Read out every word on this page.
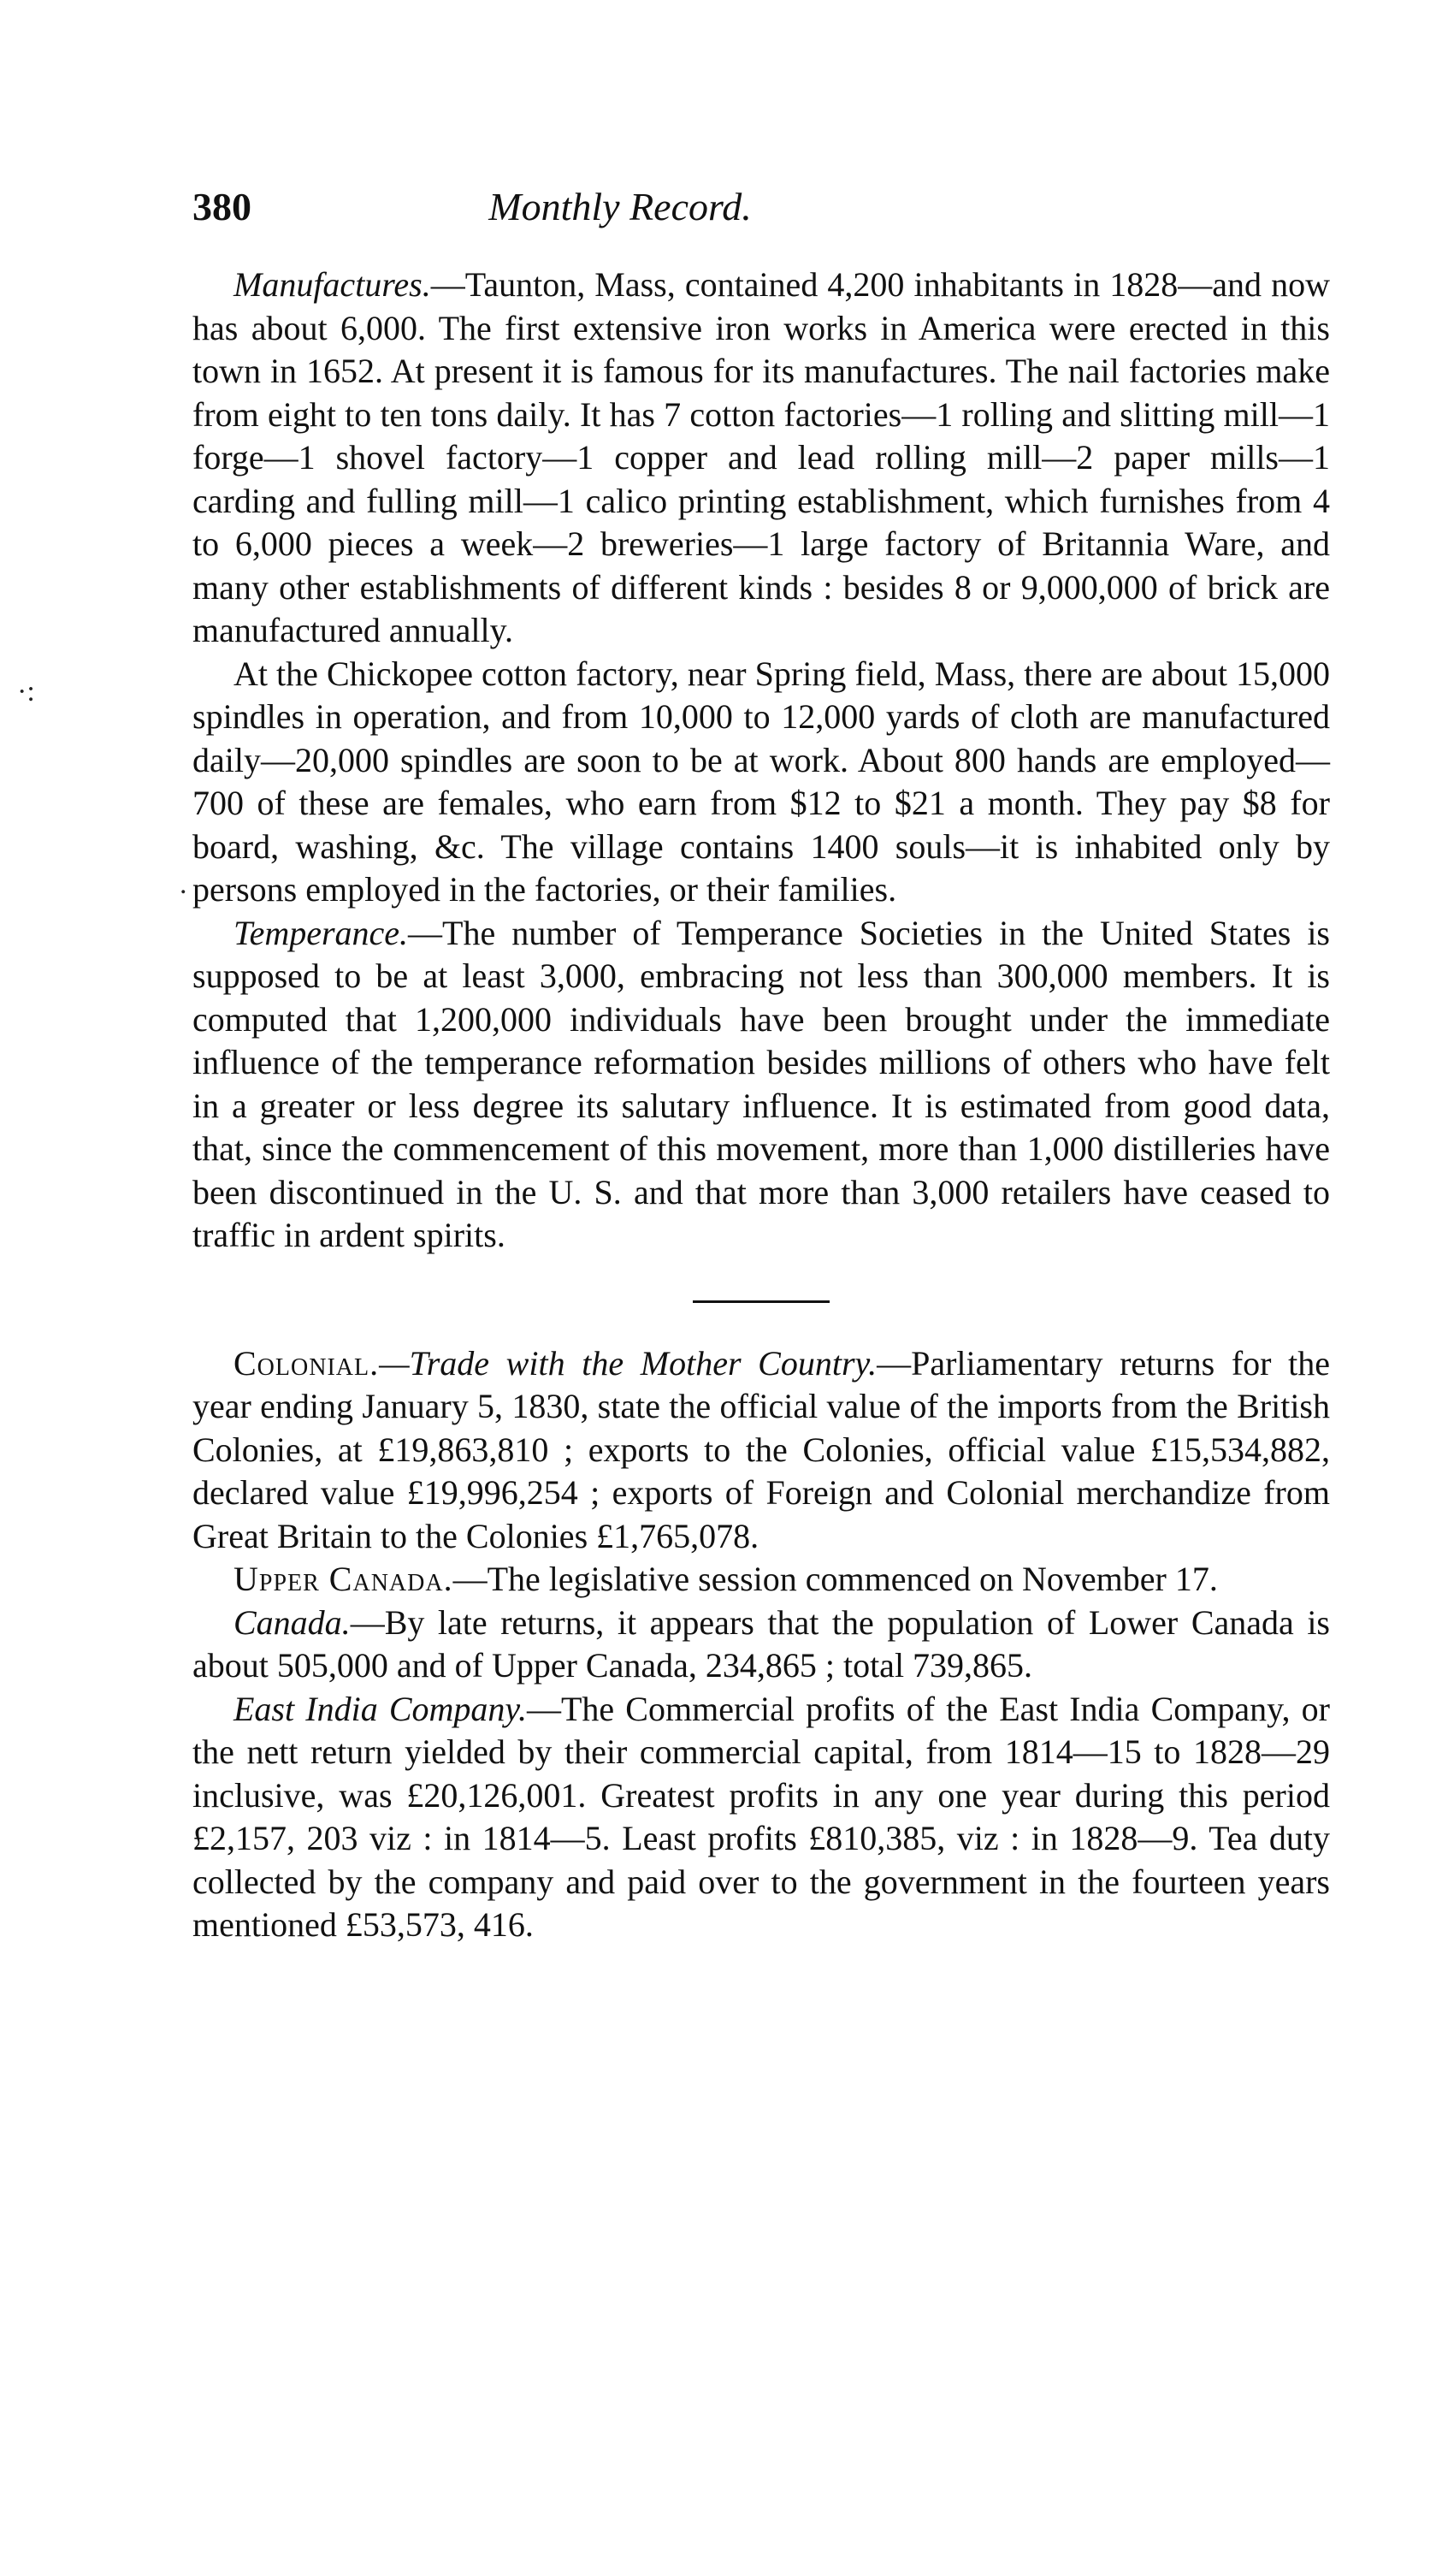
380	Monthly Record.
·:
.

Manufactures.—Taunton, Mass, contained 4,200 inhabitants in 1828—and now has about 6,000. The first extensive iron works in America were erected in this town in 1652. At present it is famous for its manufactures. The nail factories make from eight to ten tons daily. It has 7 cotton factories—1 rolling and slitting mill—1 forge—1 shovel factory—1 copper and lead rolling mill—2 paper mills—1 carding and fulling mill—1 calico printing establishment, which furnishes from 4 to 6,000 pieces a week—2 breweries—1 large factory of Britannia Ware, and many other establishments of different kinds : besides 8 or 9,000,000 of brick are manufactured annually.

At the Chickopee cotton factory, near Spring field, Mass, there are about 15,000 spindles in operation, and from 10,000 to 12,000 yards of cloth are manufactured daily—20,000 spindles are soon to be at work. About 800 hands are employed—700 of these are females, who earn from $12 to $21 a month. They pay $8 for board, washing, &c. The village contains 1400 souls—it is inhabited only by persons employed in the factories, or their families.

Temperance.—The number of Temperance Societies in the United States is supposed to be at least 3,000, embracing not less than 300,000 members. It is computed that 1,200,000 individuals have been brought under the immediate influence of the temperance reformation besides millions of others who have felt in a greater or less degree its salutary influence. It is estimated from good data, that, since the commencement of this movement, more than 1,000 distilleries have been discontinued in the U. S. and that more than 3,000 retailers have ceased to traffic in ardent spirits.

Colonial.—Trade with the Mother Country.—Parliamentary returns for the year ending January 5, 1830, state the official value of the imports from the British Colonies, at £19,863,810 ; exports to the Colonies, official value £15,534,882, declared value £19,996,254 ; exports of Foreign and Colonial merchandize from Great Britain to the Colonies £1,765,078.

Upper Canada.—The legislative session commenced on November 17.

Canada.—By late returns, it appears that the population of Lower Canada is about 505,000 and of Upper Canada, 234,865 ; total 739,865.

East India Company.—The Commercial profits of the East India Company, or the nett return yielded by their commercial capital, from 1814—15 to 1828—29 inclusive, was £20,126,001. Greatest profits in any one year during this period £2,157, 203 viz : in 1814—5. Least profits £810,385, viz : in 1828—9. Tea duty collected by the company and paid over to the government in the fourteen years mentioned £53,573, 416.
